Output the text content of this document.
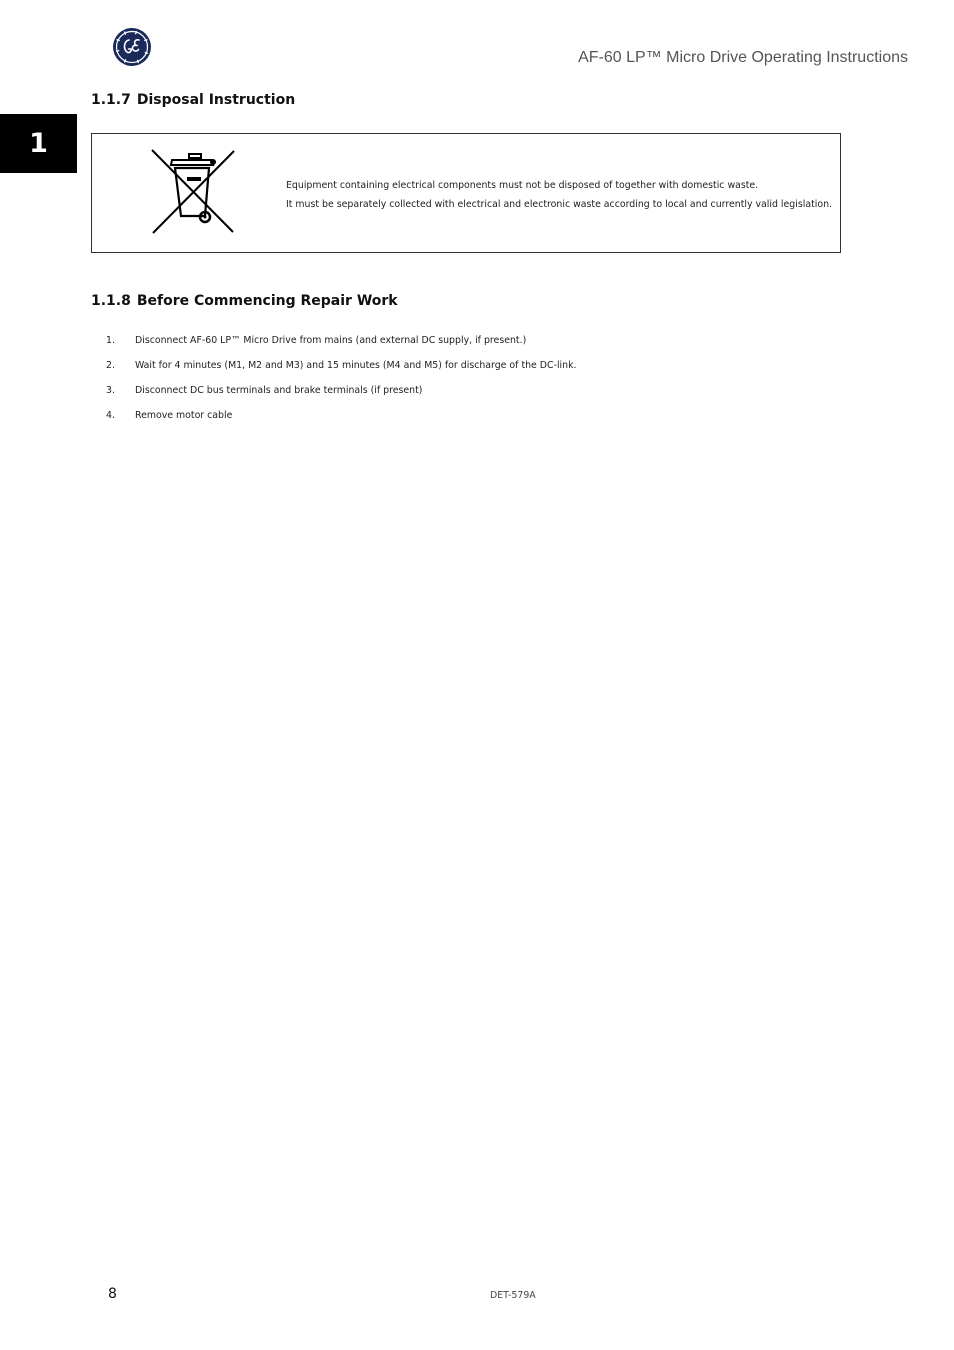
AF-60 LP™ Micro Drive Operating Instructions
1
1.1.7 Disposal Instruction

Equipment containing electrical components must not be disposed of together with domestic waste.

It must be separately collected with electrical and electronic waste according to local and currently valid legislation.

1.1.8 Before Commencing Repair Work
1.	Disconnect AF-60 LP™ Micro Drive from mains (and external DC supply, if present.)
2.	Wait for 4 minutes (M1, M2 and M3) and 15 minutes (M4 and M5) for discharge of the DC-link.
3.	Disconnect DC bus terminals and brake terminals (if present)
4.	Remove motor cable
8	DET-579A
